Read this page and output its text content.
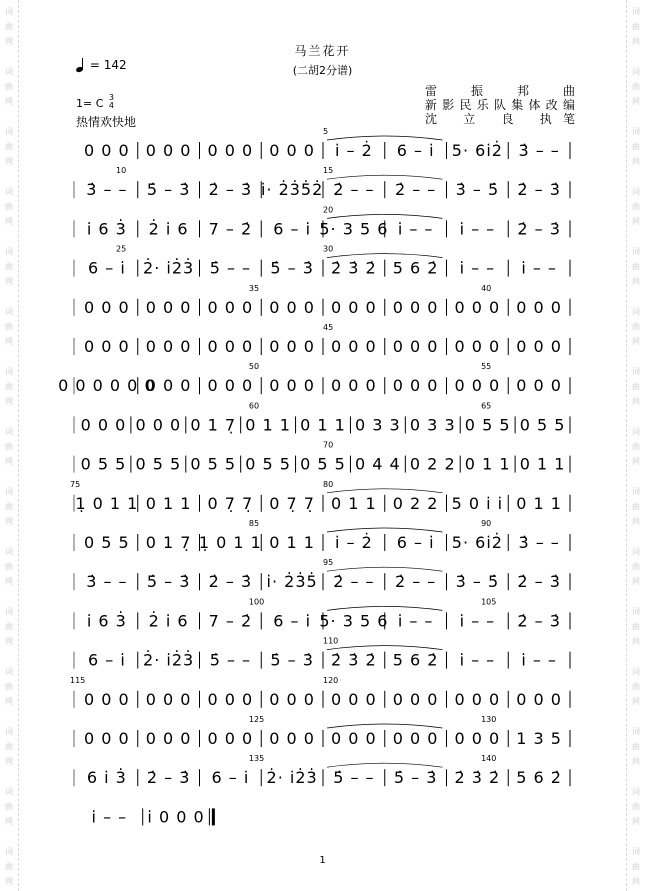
词
曲
网
词
曲
网
词
曲
网
词
曲
网
词
曲
网
词
曲
网
词
曲
网
词
曲
网
词
曲
网
词
曲
网
词
曲
网
词
曲
网
词
曲
网
词
曲
网
词
曲
网
词
曲
网
词
曲
网
词
曲
网
词
曲
网
词
曲
网
词
曲
网
词
曲
网
词
曲
网
词
曲
网
词
曲
网
词
曲
网
词
曲
网
词
曲
网
词
曲
网
词
曲
网
马兰花开
(二胡2分谱)
= 142
1= C 3
4
热情欢快地
雷 振 邦 曲
新影民乐队集体改编
沈 立 良 执笔
0 0 0 0 0 0 0 0 0 0 0 0 i̇ – 2̇ 6 – i̇ 5· 6i̇2̇ 3̇ – –
5
10
3̇ – – 5̇ – 3̇ 2̇ – 3̇ i̇· 2̇3̇5̇2̇ 2̇ – – 2̇ – – 3̇ – 5̇ 2̇ – 3̇
15
i̇ 6 3̇ 2̇ i̇ 6 7 – 2̇ 6 – i̇ 5· 3 5 6 i̇ – – i̇ – – 2̇ – 3̇
20
25
6 – i̇ 2̇· i̇2̇3̇ 5̇ – – 5̇ – 3̇ 2̇ 3̇ 2̇ 5 6 2̇ i̇ – – i̇ – –
30
0 0 0 0 0 0 0 0 0 0 0 0 0 0 0 0 0 0 0 0 0 0 0 0
35	40
0 0 0 0 0 0 0 0 0 0 0 0 0 0 0 0 0 0 0 0 0 0 0 0
45
0 0 0 0 0 0
0 0 0 0 0 0 0 0 0 0 0 0 0 0 0 0 0 0 0 0 0
50	55
0 0 0 0 0 0 0 1 7̣ 0 1 1 0 1 1 0 3 3 0 3 3 0 5 5 0 5 5
60	65
0 5 5 0 5 5 0 5 5 0 5 5 0 5 5 0 4 4 0 2 2 0 1 1 0 1 1
70
75
1̣ 0 1 1 0 1 1 0 7̣ 7̣ 0 7̣ 7̣ 0 1 1 0 2 2 5 0 i̇ i̇ 0 1 1
80
0 5 5 0 1 7̣ 1̣ 0 1 1 0 1 1 i̇ – 2̇ 6 – i̇ 5· 6i̇2̇ 3̇ – –
85	90
3̇ – – 5̇ – 3̇ 2̇ – 3̇ i̇· 2̇3̇5̇ 2̇ – – 2̇ – – 3̇ – 5̇ 2̇ – 3̇
95
i̇ 6 3̇ 2̇ i̇ 6 7 – 2̇ 6 – i̇ 5· 3 5 6 i̇ – – i̇ – – 2̇ – 3̇
100	105
6 – i̇ 2̇· i̇2̇3̇ 5̇ – – 5̇ – 3̇ 2̇ 3̇ 2̇ 5 6 2̇ i̇ – – i̇ – –
110
115
0 0 0 0 0 0 0 0 0 0 0 0 0 0 0 0 0 0 0 0 0 0 0 0
120
0 0 0 0 0 0 0 0 0 0 0 0 0 0 0 0 0 0 0 0 0 1 3 5
125	130
6 i̇ 3̇ 2̇ – 3̇ 6 – i̇ 2̇· i̇2̇3̇ 5̇ – – 5̇ – 3̇ 2̇ 3̇ 2̇ 5 6 2̇
135	140
i̇ – – i̇ 0 0 0
1
